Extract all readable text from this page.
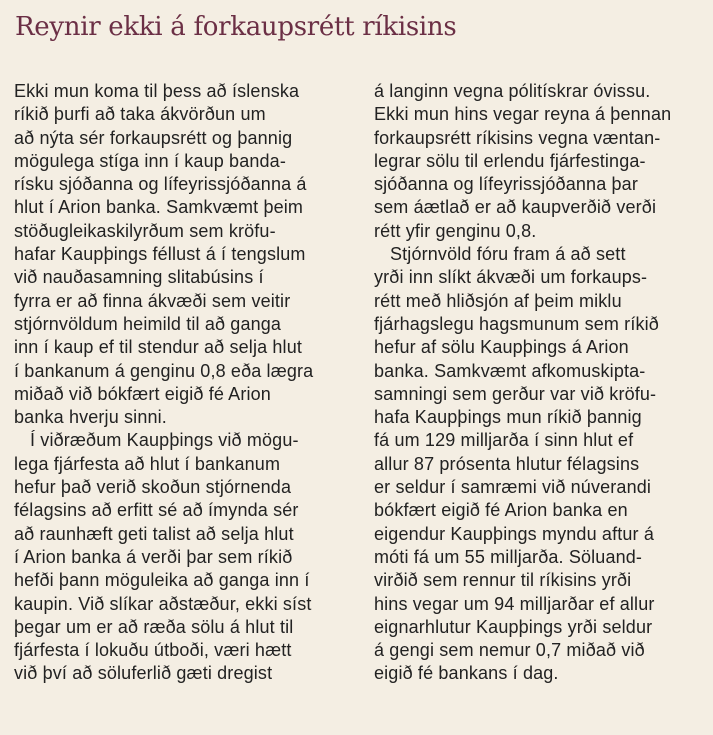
Reynir ekki á forkaupsrétt ríkisins
Ekki mun koma til þess að íslenska
ríkið þurfi að taka ákvörðun um
að nýta sér forkaupsrétt og þannig
mögulega stíga inn í kaup banda-
rísku sjóðanna og lífeyrissjóðanna á
hlut í Arion banka. Samkvæmt þeim
stöðugleikaskilyrðum sem kröfu-
hafar Kaupþings féllust á í tengslum
við nauðasamning slitabúsins í
fyrra er að finna ákvæði sem veitir
stjórnvöldum heimild til að ganga
inn í kaup ef til stendur að selja hlut
í bankanum á genginu 0,8 eða lægra
miðað við bókfært eigið fé Arion
banka hverju sinni.
Í viðræðum Kaupþings við mögu-
lega fjárfesta að hlut í bankanum
hefur það verið skoðun stjórnenda
félagsins að erfitt sé að ímynda sér
að raunhæft geti talist að selja hlut
í Arion banka á verði þar sem ríkið
hefði þann möguleika að ganga inn í
kaupin. Við slíkar aðstæður, ekki síst
þegar um er að ræða sölu á hlut til
fjárfesta í lokuðu útboði, væri hætt
við því að söluferlið gæti dregist
á langinn vegna pólitískrar óvissu.
Ekki mun hins vegar reyna á þennan
forkaupsrétt ríkisins vegna væntan-
legrar sölu til erlendu fjárfestinga-
sjóðanna og lífeyrissjóðanna þar
sem áætlað er að kaupverðið verði
rétt yfir genginu 0,8.
Stjórnvöld fóru fram á að sett
yrði inn slíkt ákvæði um forkaups-
rétt með hliðsjón af þeim miklu
fjárhagslegu hagsmunum sem ríkið
hefur af sölu Kaupþings á Arion
banka. Samkvæmt afkomuskipta-
samningi sem gerður var við kröfu-
hafa Kaupþings mun ríkið þannig
fá um 129 milljarða í sinn hlut ef
allur 87 prósenta hlutur félagsins
er seldur í samræmi við núverandi
bókfært eigið fé Arion banka en
eigendur Kaupþings myndu aftur á
móti fá um 55 milljarða. Söluand-
virðið sem rennur til ríkisins yrði
hins vegar um 94 milljarðar ef allur
eignarhlutur Kaupþings yrði seldur
á gengi sem nemur 0,7 miðað við
eigið fé bankans í dag.
